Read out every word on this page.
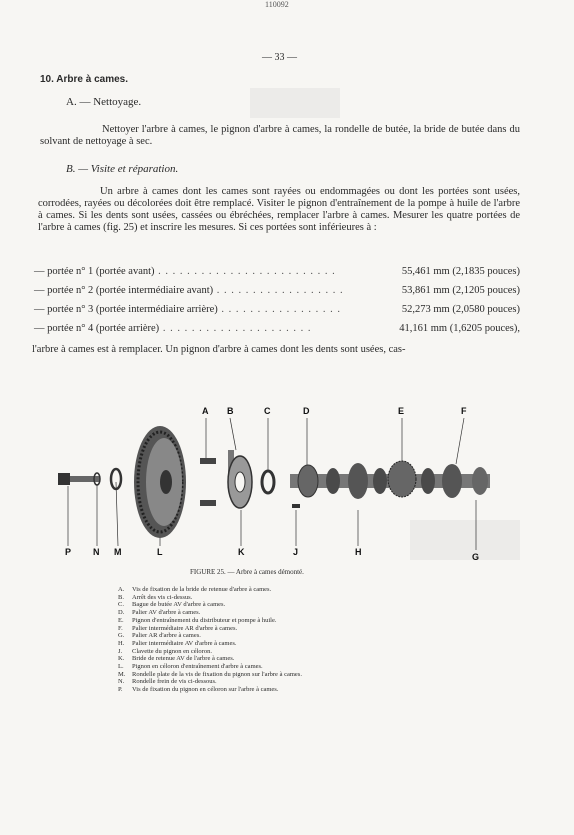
110092
— 33 —
10. Arbre à cames.
A. — Nettoyage.
Nettoyer l'arbre à cames, le pignon d'arbre à cames, la rondelle de butée, la bride de butée dans du solvant de nettoyage à sec.
B. — Visite et réparation.
Un arbre à cames dont les cames sont rayées ou endommagées ou dont les portées sont usées, corrodées, rayées ou décolorées doit être remplacé. Visiter le pignon d'entraînement de la pompe à huile de l'arbre à cames. Si les dents sont usées, cassées ou ébréchées, remplacer l'arbre à cames. Mesurer les quatre portées de l'arbre à cames (fig. 25) et inscrire les mesures. Si ces portées sont inférieures à :
— portée n° 1 (portée avant) . . . . . . . . . . . . . . . . . . . . . . . . .	55,461 mm (2,1835 pouces)
— portée n° 2 (portée intermédiaire avant) . . . . . . . . . . . . . . . . . .	53,861 mm (2,1205 pouces)
— portée n° 3 (portée intermédiaire arrière) . . . . . . . . . . . . . . . . .	52,273 mm (2,0580 pouces)
— portée n° 4 (portée arrière) . . . . . . . . . . . . . . . . . . . . .	41,161 mm (1,6205 pouces),
l'arbre à cames est à remplacer. Un pignon d'arbre à cames dont les dents sont usées, cas-
A B	C	D	E	F
P N M	L	K	J	H	G
FIGURE 25. — Arbre à cames démonté.
A.	Vis de fixation de la bride de retenue d'arbre à cames.
B.	Arrêt des vis ci-dessus.
C.	Bague de butée AV d'arbre à cames.
D.	Palier AV d'arbre à cames.
E.	Pignon d'entraînement du distributeur et pompe à huile.
F.	Palier intermédiaire AR d'arbre à cames.
G.	Palier AR d'arbre à cames.
H.	Palier intermédiaire AV d'arbre à cames.
J.	Clavette du pignon en céloron.
K.	Bride de retenue AV de l'arbre à cames.
L.	Pignon en céloron d'entraînement d'arbre à cames.
M.	Rondelle plate de la vis de fixation du pignon sur l'arbre à cames.
N.	Rondelle frein de vis ci-dessous.
P.	Vis de fixation du pignon en céloron sur l'arbre à cames.
